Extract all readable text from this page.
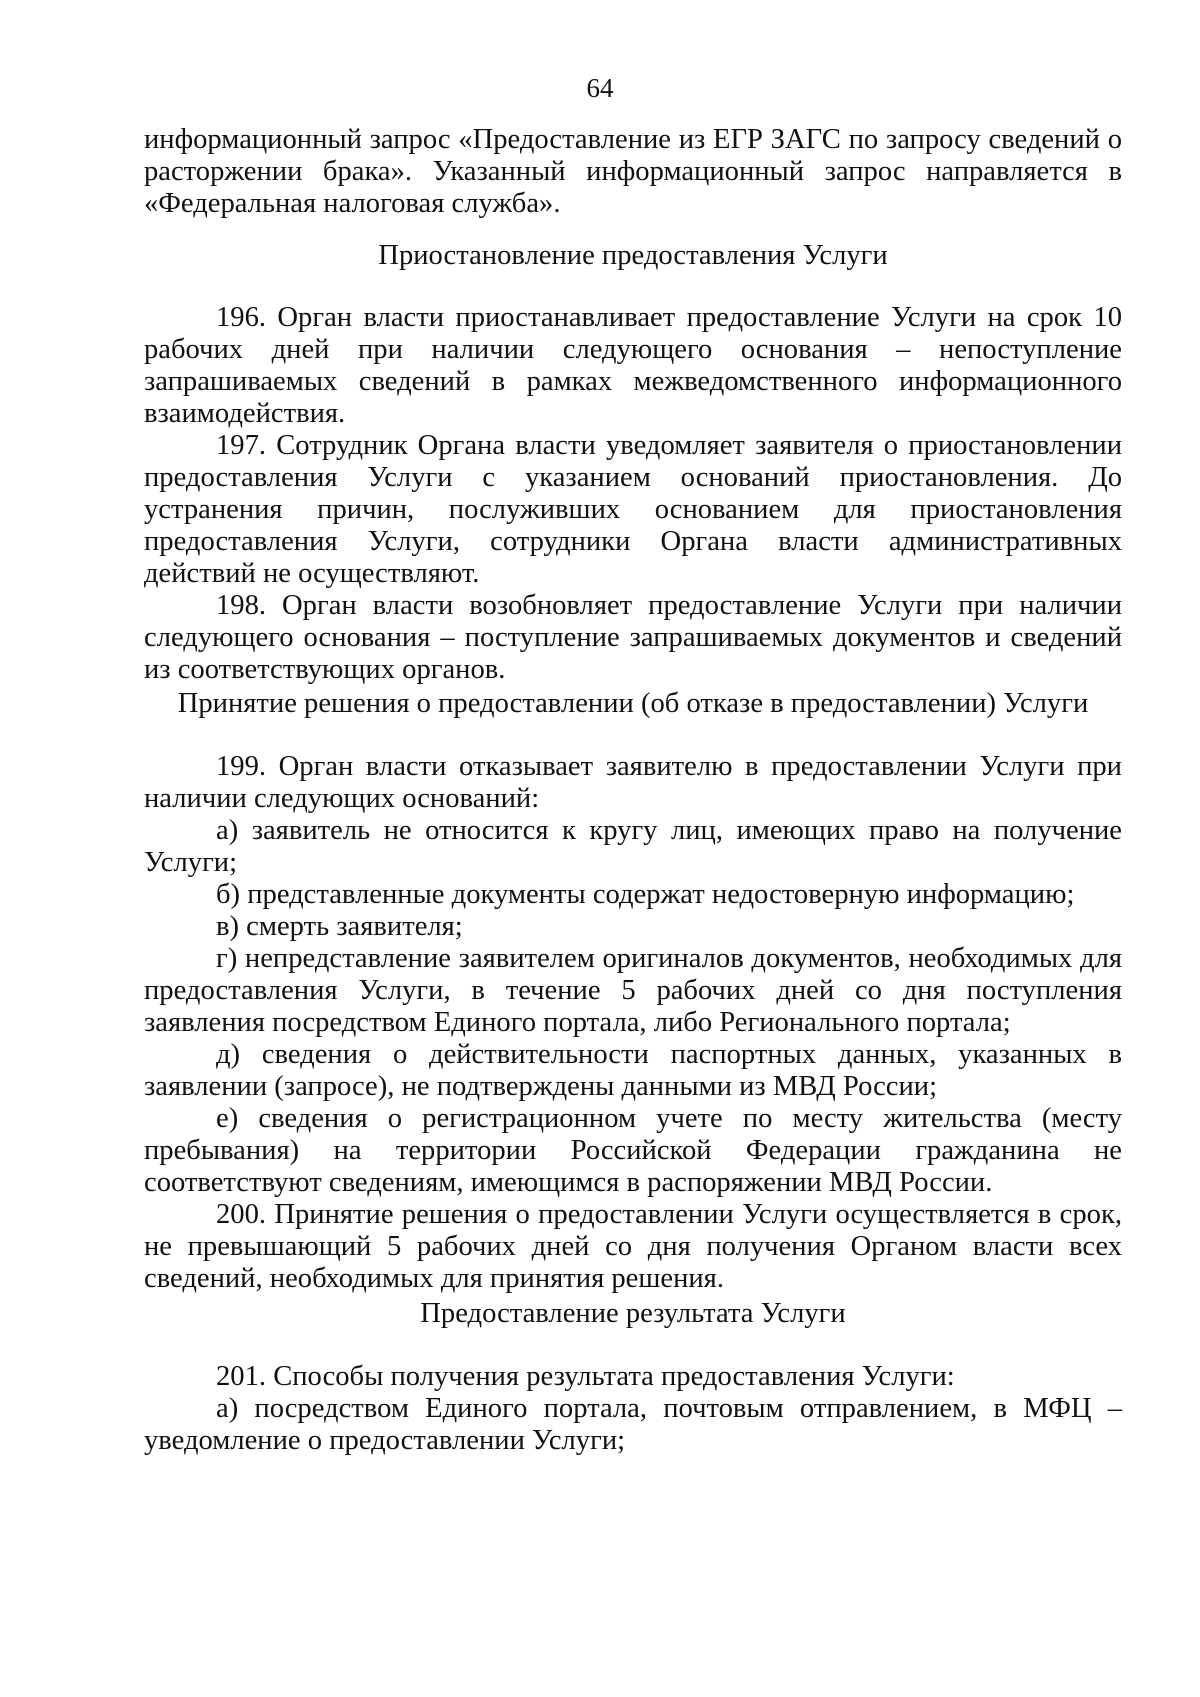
64

информационный запрос «Предоставление из ЕГР ЗАГС по запросу сведений о расторжении брака». Указанный информационный запрос направляется в «Федеральная налоговая служба».

Приостановление предоставления Услуги

196. Орган власти приостанавливает предоставление Услуги на срок 10 рабочих дней при наличии следующего основания – непоступление запрашиваемых сведений в рамках межведомственного информационного взаимодействия.

197. Сотрудник Органа власти уведомляет заявителя о приостановлении предоставления Услуги с указанием оснований приостановления. До устранения причин, послуживших основанием для приостановления предоставления Услуги, сотрудники Органа власти административных действий не осуществляют.

198. Орган власти возобновляет предоставление Услуги при наличии следующего основания – поступление запрашиваемых документов и сведений из соответствующих органов.

Принятие решения о предоставлении (об отказе в предоставлении) Услуги

199. Орган власти отказывает заявителю в предоставлении Услуги при наличии следующих оснований:

а) заявитель не относится к кругу лиц, имеющих право на получение Услуги;

б) представленные документы содержат недостоверную информацию;

в) смерть заявителя;

г) непредставление заявителем оригиналов документов, необходимых для предоставления Услуги, в течение 5 рабочих дней со дня поступления заявления посредством Единого портала, либо Регионального портала;

д) сведения о действительности паспортных данных, указанных в заявлении (запросе), не подтверждены данными из МВД России;

е) сведения о регистрационном учете по месту жительства (месту пребывания) на территории Российской Федерации гражданина не соответствуют сведениям, имеющимся в распоряжении МВД России.

200. Принятие решения о предоставлении Услуги осуществляется в срок, не превышающий 5 рабочих дней со дня получения Органом власти всех сведений, необходимых для принятия решения.

Предоставление результата Услуги

201. Способы получения результата предоставления Услуги:

а) посредством Единого портала, почтовым отправлением, в МФЦ – уведомление о предоставлении Услуги;
